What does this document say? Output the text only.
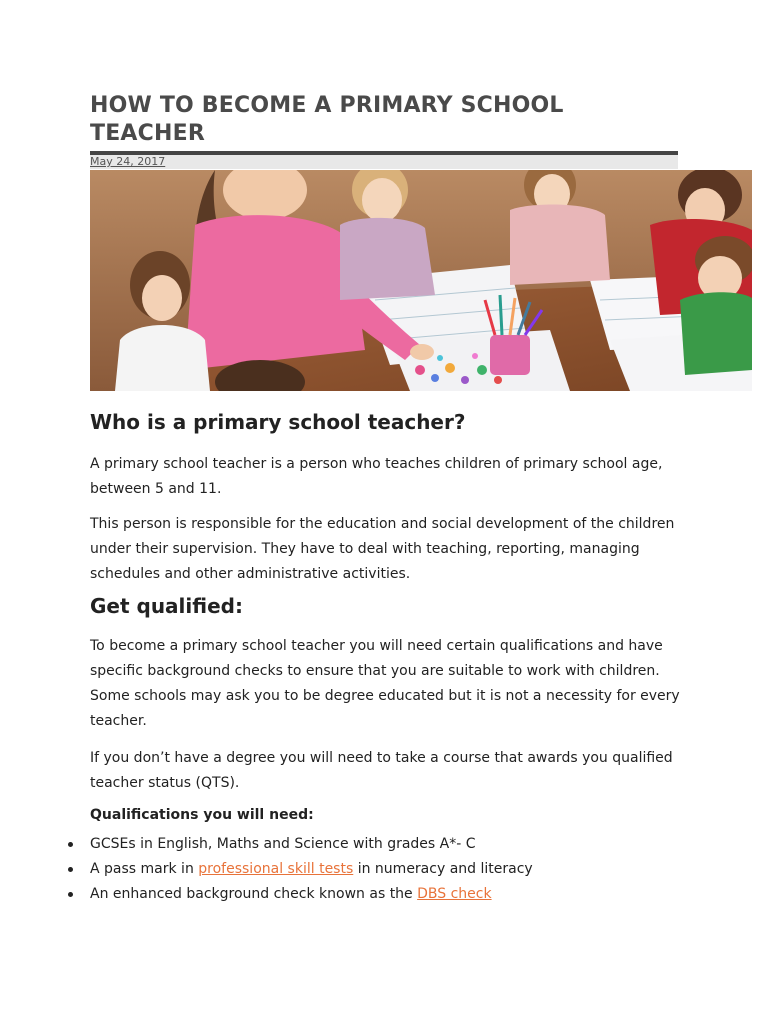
HOW TO BECOME A PRIMARY SCHOOL TEACHER
May 24, 2017
Who is a primary school teacher?

A primary school teacher is a person who teaches children of primary school age, between 5 and 11.

This person is responsible for the education and social development of the children under their supervision. They have to deal with teaching, reporting, managing schedules and other administrative activities.

Get qualified:

To become a primary school teacher you will need certain qualifications and have specific background checks to ensure that you are suitable to work with children. Some schools may ask you to be degree educated but it is not a necessity for every teacher.

If you don’t have a degree you will need to take a course that awards you qualified teacher status (QTS).

Qualifications you will need:

GCSEs in English, Maths and Science with grades A*- C
A pass mark in professional skill tests in numeracy and literacy
An enhanced background check known as the DBS check
